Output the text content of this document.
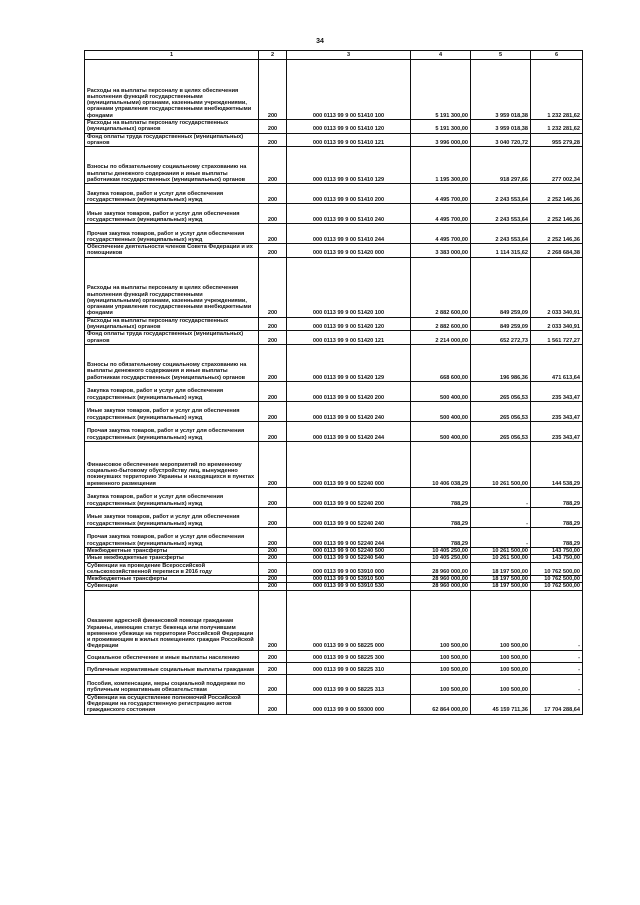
34
1	2	3	4	5	6
Расходы на выплаты персоналу в целях обеспечения выполнения функций государственными (муниципальными) органами, казенными учреждениями, органами управления государственными внебюджетными фондами	200	000 0113 99 9 00 51410 100	5 191 300,00	3 959 018,38	1 232 281,62
Расходы на выплаты персоналу государственных (муниципальных) органов	200	000 0113 99 9 00 51410 120	5 191 300,00	3 959 018,38	1 232 281,62
Фонд оплаты труда государственных (муниципальных) органов	200	000 0113 99 9 00 51410 121	3 996 000,00	3 040 720,72	955 279,28
Взносы по обязательному социальному страхованию на выплаты денежного содержания и иные выплаты работникам государственных (муниципальных) органов	200	000 0113 99 9 00 51410 129	1 195 300,00	918 297,66	277 002,34
Закупка товаров, работ и услуг для обеспечения государственных (муниципальных) нужд	200	000 0113 99 9 00 51410 200	4 495 700,00	2 243 553,64	2 252 146,36
Иные закупки товаров, работ и услуг для обеспечения государственных (муниципальных) нужд	200	000 0113 99 9 00 51410 240	4 495 700,00	2 243 553,64	2 252 146,36
Прочая закупка товаров, работ и услуг для обеспечения государственных (муниципальных) нужд	200	000 0113 99 9 00 51410 244	4 495 700,00	2 243 553,64	2 252 146,36
Обеспечение деятельности членов Совета Федерации и их помощников	200	000 0113 99 9 00 51420 000	3 383 000,00	1 114 315,62	2 268 684,38
Расходы на выплаты персоналу в целях обеспечения выполнения функций государственными (муниципальными) органами, казенными учреждениями, органами управления государственными внебюджетными фондами	200	000 0113 99 9 00 51420 100	2 882 600,00	849 259,09	2 033 340,91
Расходы на выплаты персоналу государственных (муниципальных) органов	200	000 0113 99 9 00 51420 120	2 882 600,00	849 259,09	2 033 340,91
Фонд оплаты труда государственных (муниципальных) органов	200	000 0113 99 9 00 51420 121	2 214 000,00	652 272,73	1 561 727,27
Взносы по обязательному социальному страхованию на выплаты денежного содержания и иные выплаты работникам государственных (муниципальных) органов	200	000 0113 99 9 00 51420 129	668 600,00	196 986,36	471 613,64
Закупка товаров, работ и услуг для обеспечения государственных (муниципальных) нужд	200	000 0113 99 9 00 51420 200	500 400,00	265 056,53	235 343,47
Иные закупки товаров, работ и услуг для обеспечения государственных (муниципальных) нужд	200	000 0113 99 9 00 51420 240	500 400,00	265 056,53	235 343,47
Прочая закупка товаров, работ и услуг для обеспечения государственных (муниципальных) нужд	200	000 0113 99 9 00 51420 244	500 400,00	265 056,53	235 343,47
Финансовое обеспечение мероприятий по временному социально-бытовому обустройству лиц, вынужденно покинувших территорию Украины и находящихся в пунктах временного размещения	200	000 0113 99 9 00 52240 000	10 406 038,29	10 261 500,00	144 538,29
Закупка товаров, работ и услуг для обеспечения государственных (муниципальных) нужд	200	000 0113 99 9 00 52240 200	788,29	-	788,29
Иные закупки товаров, работ и услуг для обеспечения государственных (муниципальных) нужд	200	000 0113 99 9 00 52240 240	788,29	-	788,29
Прочая закупка товаров, работ и услуг для обеспечения государственных (муниципальных) нужд	200	000 0113 99 9 00 52240 244	788,29	-	788,29
Межбюджетные трансферты	200	000 0113 99 9 00 52240 500	10 405 250,00	10 261 500,00	143 750,00
Иные межбюджетные трансферты	200	000 0113 99 9 00 52240 540	10 405 250,00	10 261 500,00	143 750,00
Субвенции на проведение Всероссийской сельскохозяйственной переписи в 2016 году	200	000 0113 99 9 00 53910 000	28 960 000,00	18 197 500,00	10 762 500,00
Межбюджетные трансферты	200	000 0113 99 9 00 53910 500	28 960 000,00	18 197 500,00	10 762 500,00
Субвенции	200	000 0113 99 9 00 53910 530	28 960 000,00	18 197 500,00	10 762 500,00
Оказание адресной финансовой помощи гражданам Украины, имеющим статус беженца или получившим временное убежище на территории Российской Федерации и проживающим в жилых помещениях граждан Российской Федерации	200	000 0113 99 9 00 58225 000	100 500,00	100 500,00	-
Социальное обеспечение и иные выплаты населению	200	000 0113 99 9 00 58225 300	100 500,00	100 500,00	-
Публичные нормативные социальные выплаты гражданам	200	000 0113 99 9 00 58225 310	100 500,00	100 500,00	-
Пособия, компенсации, меры социальной поддержки по публичным нормативным обязательствам	200	000 0113 99 9 00 58225 313	100 500,00	100 500,00	-
Субвенции на осуществление полномочий Российской Федерации на государственную регистрацию актов гражданского состояния	200	000 0113 99 9 00 59300 000	62 864 000,00	45 159 711,36	17 704 288,64
